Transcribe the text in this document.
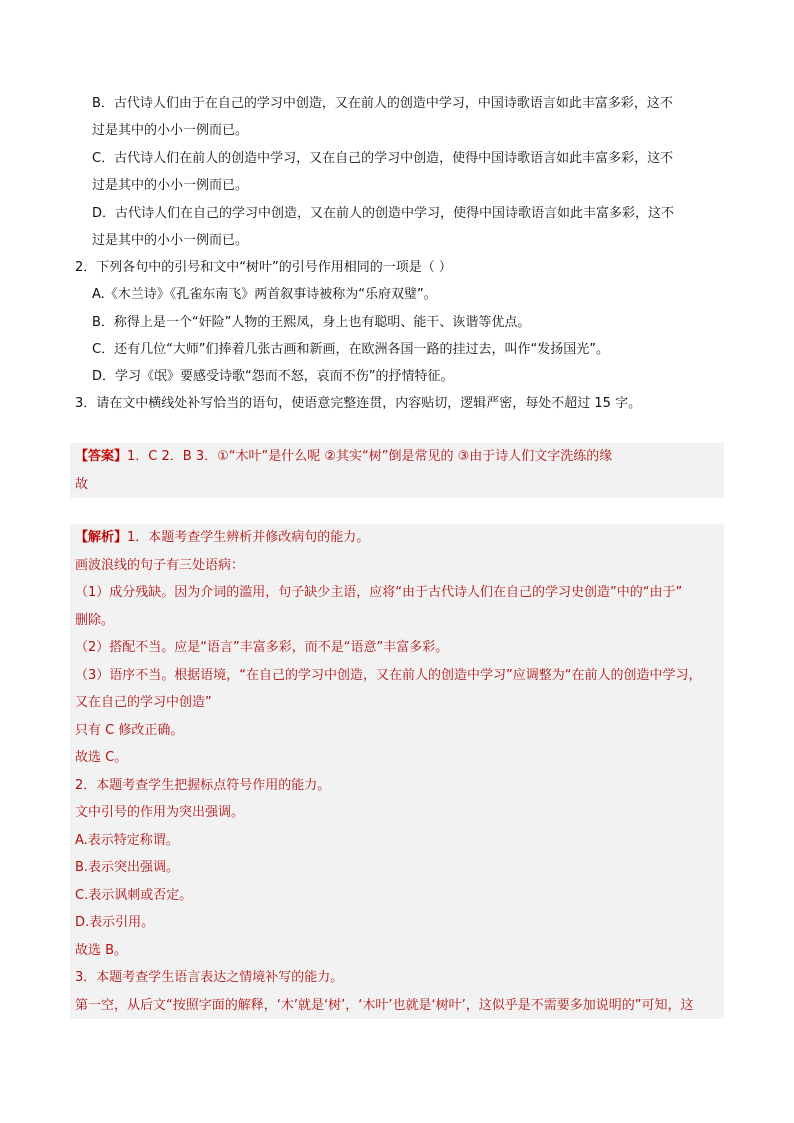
B．古代诗人们由于在自己的学习中创造，又在前人的创造中学习，中国诗歌语言如此丰富多彩，这不
过是其中的小小一例而已。
C．古代诗人们在前人的创造中学习，又在自己的学习中创造，使得中国诗歌语言如此丰富多彩，这不
过是其中的小小一例而已。
D．古代诗人们在自己的学习中创造，又在前人的创造中学习，使得中国诗歌语言如此丰富多彩，这不
过是其中的小小一例而已。
2．下列各句中的引号和文中“树叶”的引号作用相同的一项是（ ）
A.《木兰诗》《孔雀东南飞》两首叙事诗被称为“乐府双璧”。
B．称得上是一个“奸险”人物的王熙凤，身上也有聪明、能干、诙谐等优点。
C．还有几位“大师”们捧着几张古画和新画，在欧洲各国一路的挂过去，叫作“发扬国光”。
D．学习《氓》要感受诗歌“怨而不怒，哀而不伤”的抒情特征。
3．请在文中横线处补写恰当的语句，使语意完整连贯，内容贴切，逻辑严密，每处不超过 15 字。
【答案】1．C 2．B 3．①“木叶”是什么呢 ②其实“树”倒是常见的 ③由于诗人们文字洗练的缘
故
【解析】1．本题考查学生辨析并修改病句的能力。
画波浪线的句子有三处语病：
（1）成分残缺。因为介词的滥用，句子缺少主语，应将“由于古代诗人们在自己的学习史创造”中的“由于”
删除。
（2）搭配不当。应是“语言”丰富多彩，而不是“语意”丰富多彩。
（3）语序不当。根据语境，“在自己的学习中创造，又在前人的创造中学习”应调整为“在前人的创造中学习，
又在自己的学习中创造”
只有 C 修改正确。
故选 C。
2．本题考查学生把握标点符号作用的能力。
文中引号的作用为突出强调。
A.表示特定称谓。
B.表示突出强调。
C.表示讽刺或否定。
D.表示引用。
故选 B。
3．本题考查学生语言表达之情境补写的能力。
第一空，从后文“按照字面的解释，‘木’就是‘树’，‘木叶’也就是‘树叶’，这似乎是不需要多加说明的”可知，这
